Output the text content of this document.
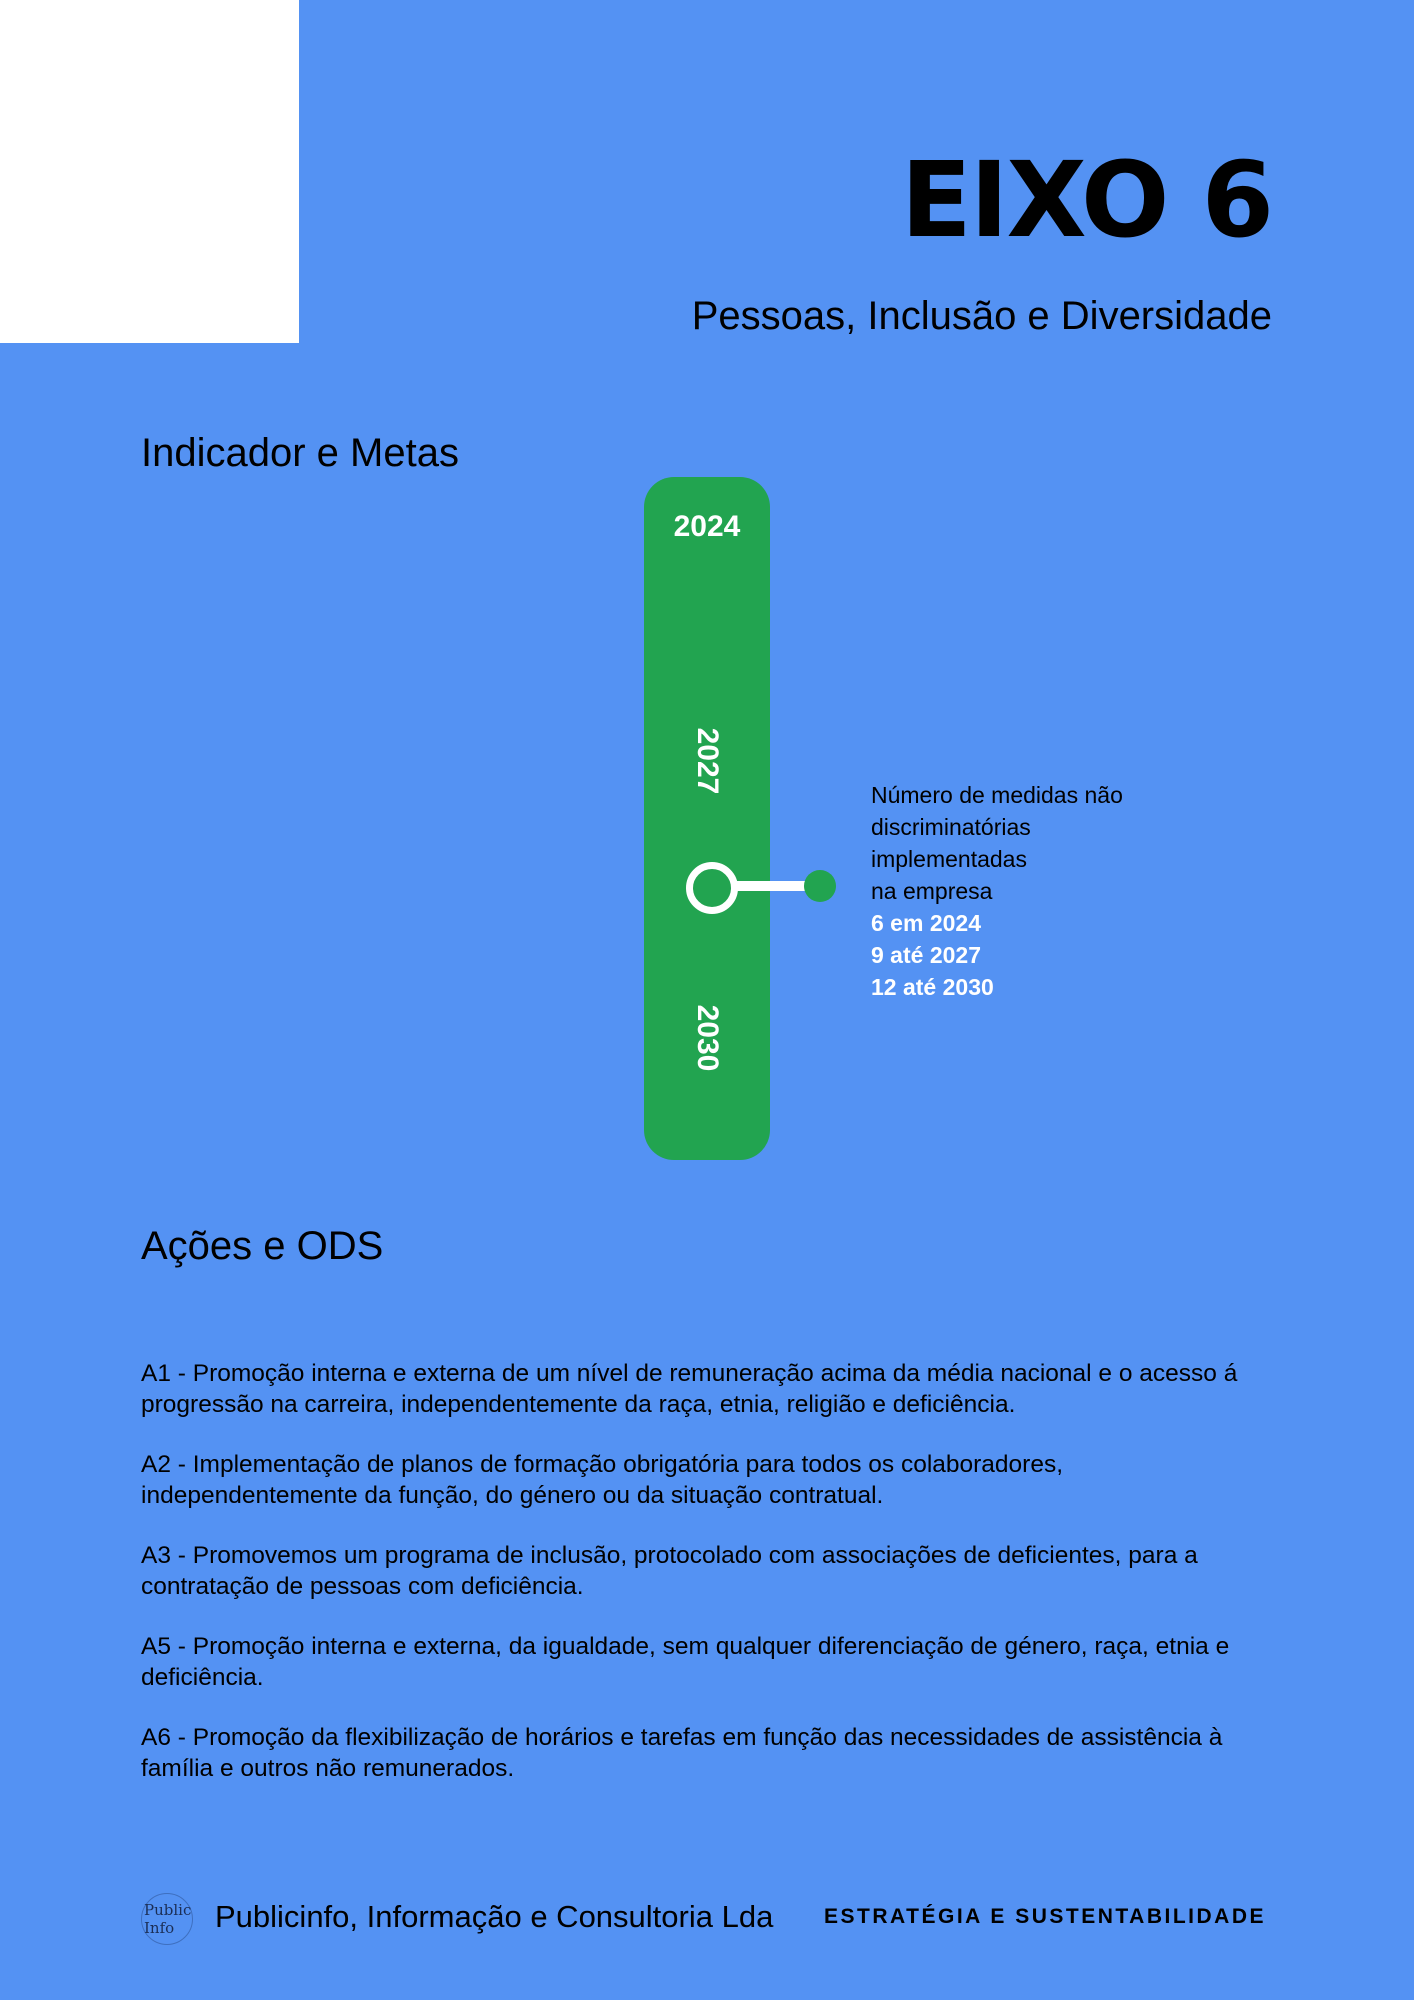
EIXO 6
Pessoas, Inclusão e Diversidade
Indicador e Metas
2024
2027
2030
Número de medidas não
discriminatórias
implementadas
na empresa
6 em 2024
9 até 2027
12 até 2030
Ações e ODS

A1 - Promoção interna e externa de um nível de remuneração acima da média nacional e o acesso á progressão na carreira, independentemente da raça, etnia, religião e deficiência.

A2 - Implementação de planos de formação obrigatória para todos os colaboradores, independentemente da função, do género ou da situação contratual.

A3 - Promovemos um programa de inclusão, protocolado com associações de deficientes, para a contratação de pessoas com deficiência.

A5 - Promoção interna e externa, da igualdade, sem qualquer diferenciação de género, raça, etnia e deficiência.

A6 - Promoção da flexibilização de horários e tarefas em função das necessidades de assistência à família e outros não remunerados.

Public
Info	Publicinfo, Informação e Consultoria Lda ESTRATÉGIA E SUSTENTABILIDADE
